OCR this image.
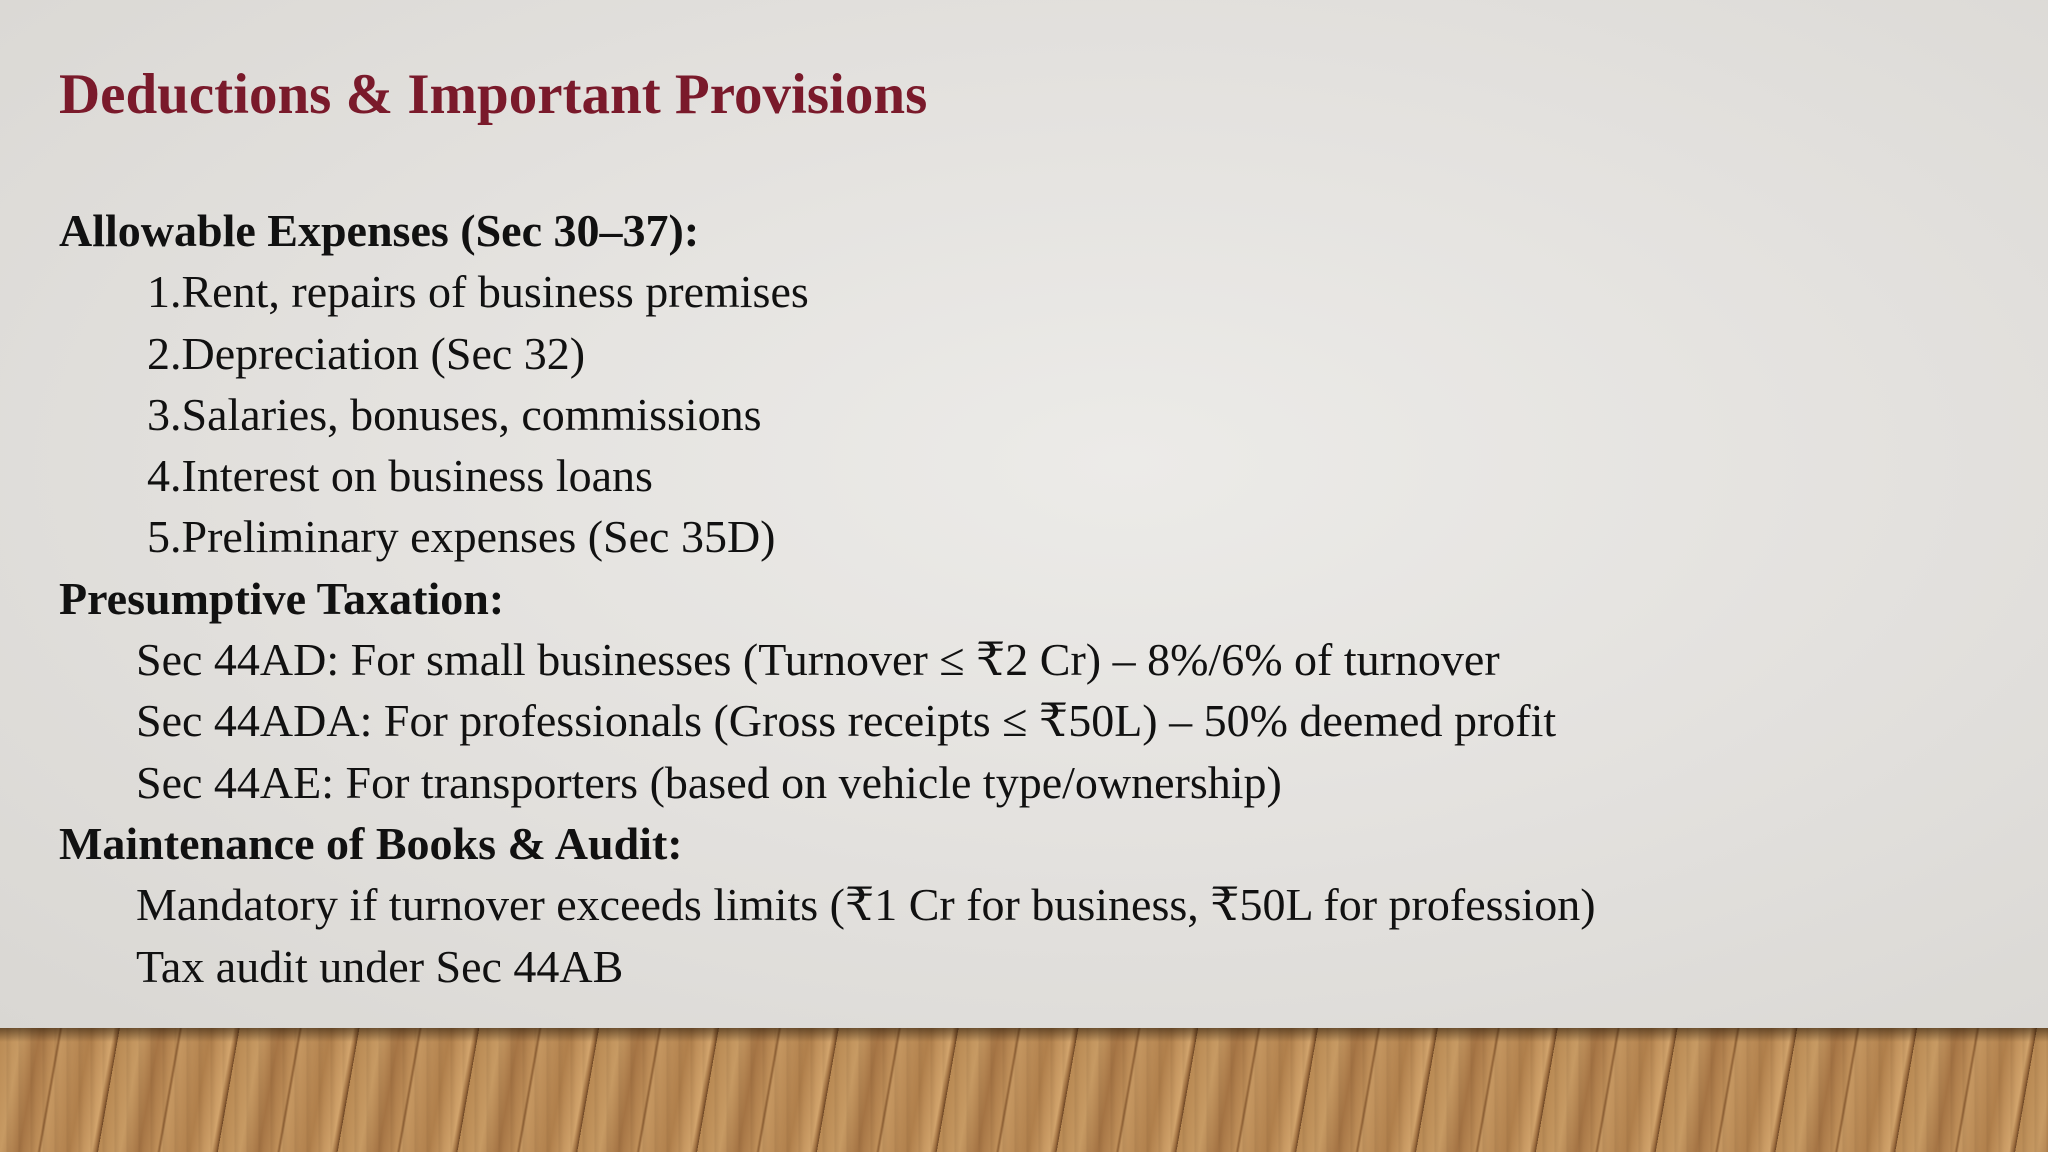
Deductions & Important Provisions
Allowable Expenses (Sec 30–37):
1.Rent, repairs of business premises
2.Depreciation (Sec 32)
3.Salaries, bonuses, commissions
4.Interest on business loans
5.Preliminary expenses (Sec 35D)
Presumptive Taxation:
Sec 44AD: For small businesses (Turnover ≤ ₹2 Cr) – 8%/6% of turnover
Sec 44ADA: For professionals (Gross receipts ≤ ₹50L) – 50% deemed profit
Sec 44AE: For transporters (based on vehicle type/ownership)
Maintenance of Books & Audit:
Mandatory if turnover exceeds limits (₹1 Cr for business, ₹50L for profession)
Tax audit under Sec 44AB
